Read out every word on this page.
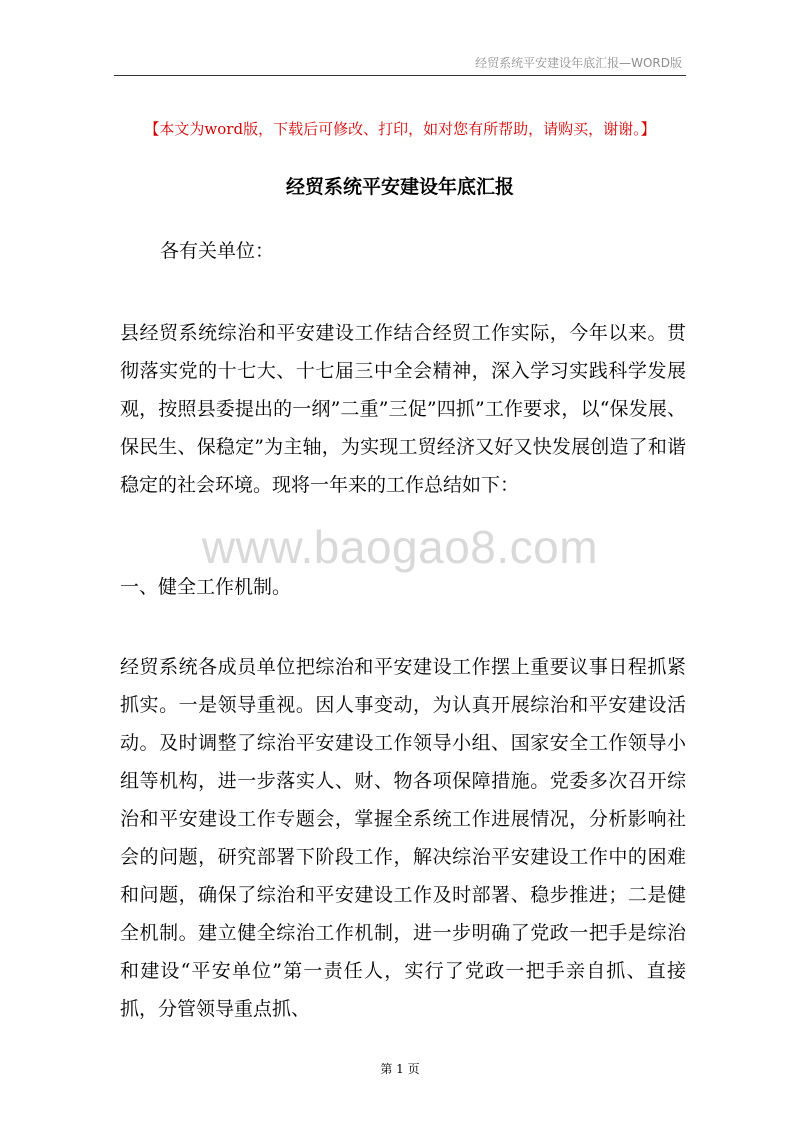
经贸系统平安建设年底汇报—WORD版
【本文为word版，下载后可修改、打印，如对您有所帮助，请购买，谢谢。】
经贸系统平安建设年底汇报
各有关单位：
县经贸系统综治和平安建设工作结合经贸工作实际，今年以来。贯彻落实党的十七大、十七届三中全会精神，深入学习实践科学发展观，按照县委提出的一纲”二重”三促”四抓”工作要求，以“保发展、保民生、保稳定”为主轴，为实现工贸经济又好又快发展创造了和谐稳定的社会环境。现将一年来的工作总结如下：
www.baogao8.com
一、健全工作机制。
经贸系统各成员单位把综治和平安建设工作摆上重要议事日程抓紧抓实。一是领导重视。因人事变动，为认真开展综治和平安建设活动。及时调整了综治平安建设工作领导小组、国家安全工作领导小组等机构，进一步落实人、财、物各项保障措施。党委多次召开综治和平安建设工作专题会，掌握全系统工作进展情况，分析影响社会的问题，研究部署下阶段工作，解决综治平安建设工作中的困难和问题，确保了综治和平安建设工作及时部署、稳步推进；二是健全机制。建立健全综治工作机制，进一步明确了党政一把手是综治和建设“平安单位”第一责任人，实行了党政一把手亲自抓、直接抓，分管领导重点抓、
第 1 页
